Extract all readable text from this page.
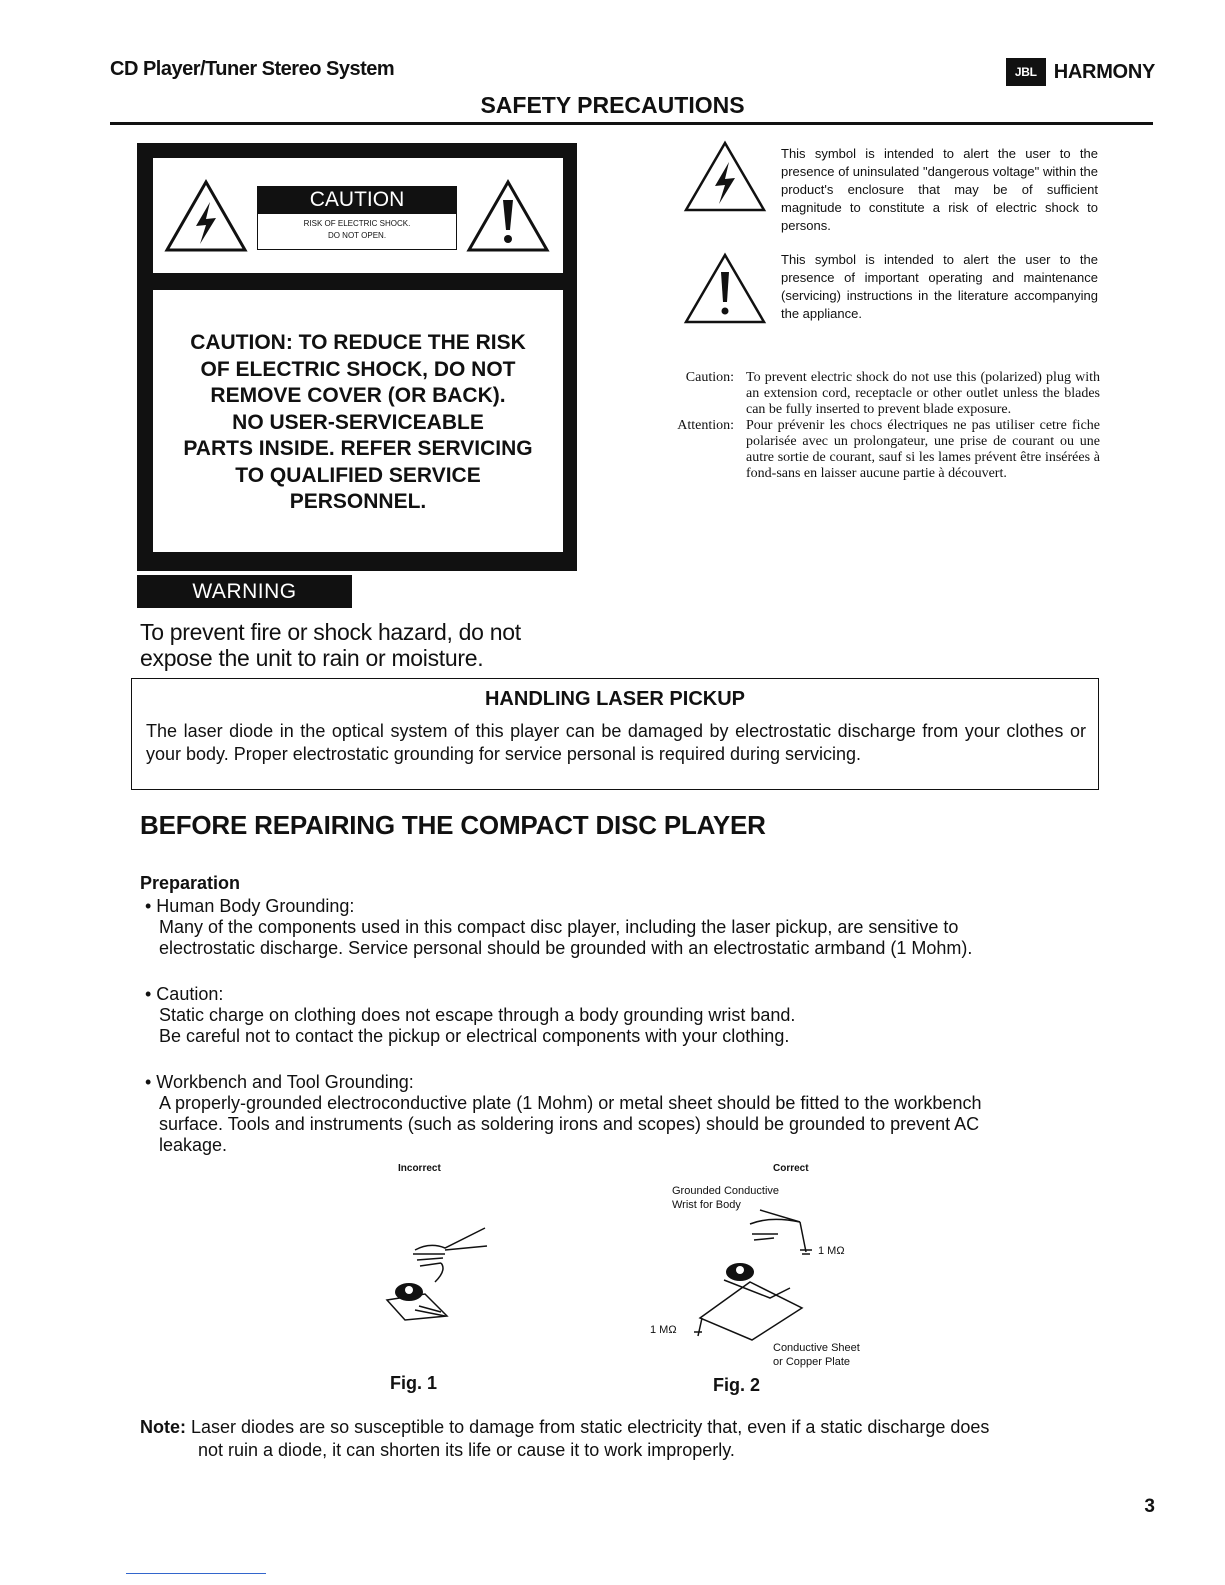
CD Player/Tuner Stereo System	JBL HARMONY
SAFETY PRECAUTIONS
CAUTION
RISK OF ELECTRIC SHOCK.
DO NOT OPEN.
CAUTION: TO REDUCE THE RISK
OF ELECTRIC SHOCK, DO NOT
REMOVE COVER (OR BACK).
NO USER-SERVICEABLE
PARTS INSIDE. REFER SERVICING
TO QUALIFIED SERVICE
PERSONNEL.
WARNING
To prevent fire or shock hazard, do not
expose the unit to rain or moisture.
This symbol is intended to alert the user to the presence of uninsulated "dangerous voltage" within the product's enclosure that may be of sufficient magnitude to constitute a risk of electric shock to persons.
This symbol is intended to alert the user to the presence of important operating and maintenance (servicing) instructions in the literature accompanying the appliance.
Caution: To prevent electric shock do not use this (polarized) plug with an extension cord, receptacle or other outlet unless the blades can be fully inserted to prevent blade exposure.
Attention: Pour prévenir les chocs électriques ne pas utiliser cetre fiche polarisée avec un prolongateur, une prise de courant ou une autre sortie de courant, sauf si les lames prévent être insérées à fond-sans en laisser aucune partie à découvert.
HANDLING LASER PICKUP
The laser diode in the optical system of this player can be damaged by electrostatic discharge from your clothes or your body. Proper electrostatic grounding for service personal is required during servicing.
BEFORE REPAIRING THE COMPACT DISC PLAYER
Preparation
• Human Body Grounding:
Many of the components used in this compact disc player, including the laser pickup, are sensitive to
electrostatic discharge. Service personal should be grounded with an electrostatic armband (1 Mohm).
• Caution:
Static charge on clothing does not escape through a body grounding wrist band.
Be careful not to contact the pickup or electrical components with your clothing.
• Workbench and Tool Grounding:
A properly-grounded electroconductive plate (1 Mohm) or metal sheet should be fitted to the workbench
surface. Tools and instruments (such as soldering irons and scopes) should be grounded to prevent AC
leakage.
Incorrect
Fig. 1
Correct
Grounded Conductive
Wrist for Body
1 MΩ
1 MΩ
Conductive Sheet
or Copper Plate
Fig. 2
Note: Laser diodes are so susceptible to damage from static electricity that, even if a static discharge does
not ruin a diode, it can shorten its life or cause it to work improperly.
3
